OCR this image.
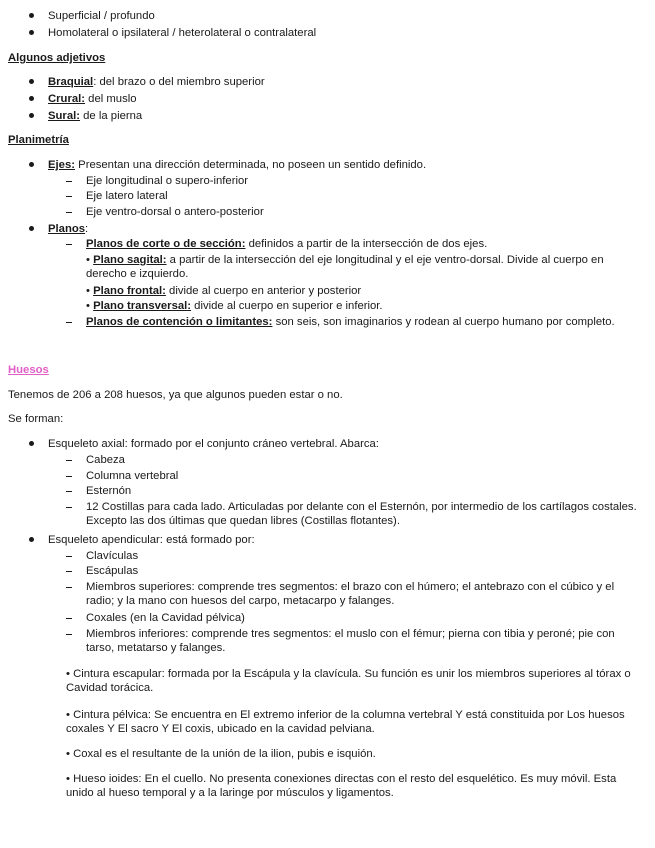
Superficial / profundo
Homolateral o ipsilateral / heterolateral o contralateral
Algunos adjetivos
Braquial: del brazo o del miembro superior
Crural: del muslo
Sural: de la pierna
Planimetría
Ejes: Presentan una dirección determinada, no poseen un sentido definido.
Eje longitudinal o supero-inferior
Eje latero lateral
Eje ventro-dorsal o antero-posterior
Planos:
Planos de corte o de sección: definidos a partir de la intersección de dos ejes.
• Plano sagital: a partir de la intersección del eje longitudinal y el eje ventro-dorsal. Divide al cuerpo en derecho e izquierdo.
• Plano frontal: divide al cuerpo en anterior y posterior
• Plano transversal: divide al cuerpo en superior e inferior.
Planos de contención o limitantes: son seis, son imaginarios y rodean al cuerpo humano por completo.
Huesos
Tenemos de 206 a 208 huesos, ya que algunos pueden estar o no.
Se forman:
Esqueleto axial: formado por el conjunto cráneo vertebral. Abarca:
Cabeza
Columna vertebral
Esternón
12 Costillas para cada lado. Articuladas por delante con el Esternón, por intermedio de los cartílagos costales. Excepto las dos últimas que quedan libres (Costillas flotantes).
Esqueleto apendicular: está formado por:
Clavículas
Escápulas
Miembros superiores: comprende tres segmentos: el brazo con el húmero; el antebrazo con el cúbico y el radio; y la mano con huesos del carpo, metacarpo y falanges.
Coxales (en la Cavidad pélvica)
Miembros inferiores: comprende tres segmentos: el muslo con el fémur; pierna con tibia y peroné; pie con tarso, metatarso y falanges.
• Cintura escapular: formada por la Escápula y la clavícula. Su función es unir los miembros superiores al tórax o Cavidad torácica.
• Cintura pélvica: Se encuentra en El extremo inferior de la columna vertebral Y está constituida por Los huesos coxales Y El sacro Y El coxis, ubicado en la cavidad pelviana.
• Coxal es el resultante de la unión de la ilion, pubis e isquión.
• Hueso ioides: En el cuello. No presenta conexiones directas con el resto del esquelético. Es muy móvil. Esta unido al hueso temporal y a la laringe por músculos y ligamentos.
